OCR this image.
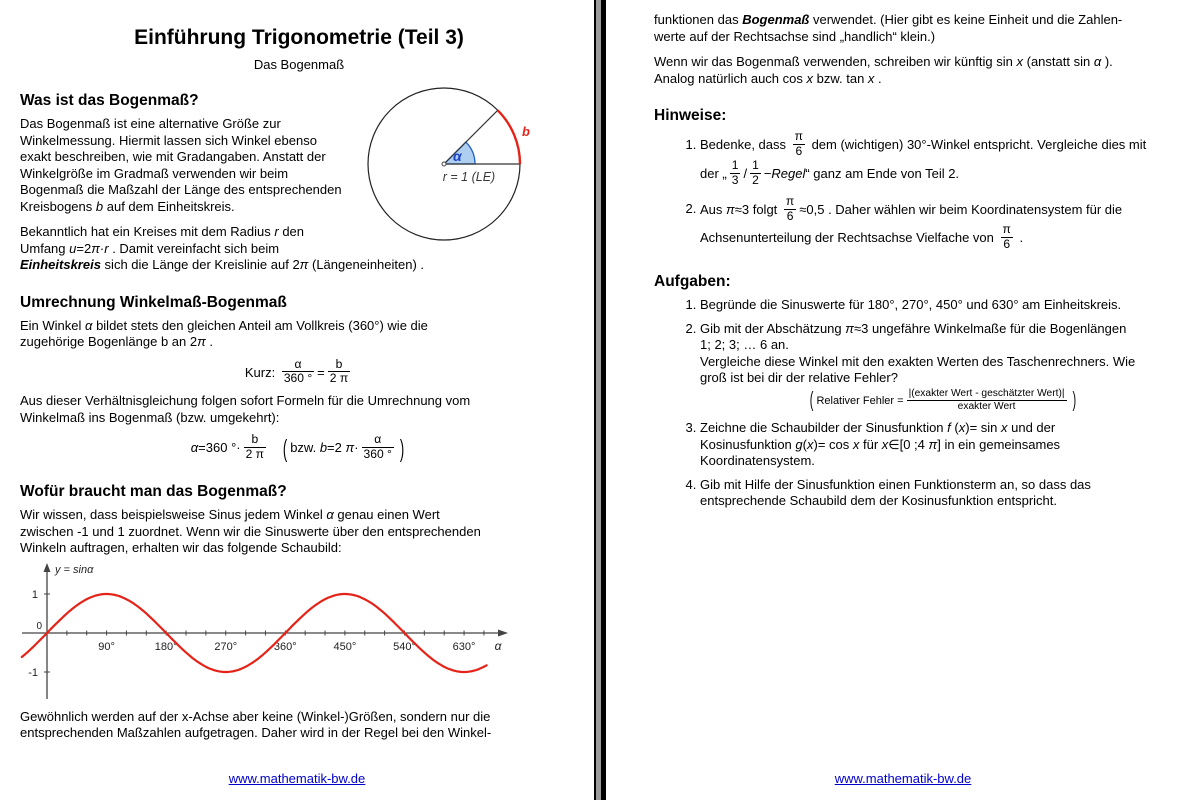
Einführung Trigonometrie (Teil 3)
Das Bogenmaß
Was ist das Bogenmaß?

Das Bogenmaß ist eine alternative Größe zur
Winkelmessung. Hiermit lassen sich Winkel ebenso
exakt beschreiben, wie mit Gradangaben. Anstatt der
Winkelgröße im Gradmaß verwenden wir beim
Bogenmaß die Maßzahl der Länge des entsprechenden
Kreisbogens b auf dem Einheitskreis.

Bekanntlich hat ein Kreises mit dem Radius r den
Umfang u=2π·r . Damit vereinfacht sich beim
Einheitskreis sich die Länge der Kreislinie auf 2π (Längeneinheiten) .

α
b
r = 1 (LE)
Umrechnung Winkelmaß-Bogenmaß

Ein Winkel α bildet stets den gleichen Anteil am Vollkreis (360°) wie die
zugehörige Bogenlänge b an 2π .

Kurz: $\frac{\alpha}{360 ^\circ} = \frac{b}{2 \pi}$

Aus dieser Verhältnisgleichung folgen sofort Formeln für die Umrechnung vom
Winkelmaß ins Bogenmaß (bzw. umgekehrt):

α=360 °· $\frac{b}{2 \pi}$ ( bzw. b=2 $\pi\cdot \frac{\alpha}{360 ^\circ}$ )
Wofür braucht man das Bogenmaß?

Wir wissen, dass beispielsweise Sinus jedem Winkel α genau einen Wert
zwischen -1 und 1 zuordnet. Wenn wir die Sinuswerte über den entsprechenden
Winkeln auftragen, erhalten wir das folgende Schaubild:

90°	180°	270°	360°	450°	540°	630°
1
0
-1
y = sinα
α

Gewöhnlich werden auf der x-Achse aber keine (Winkel-)Größen, sondern nur die
entsprechenden Maßzahlen aufgetragen. Daher wird in der Regel bei den Winkel-

www.mathematik-bw.de

funktionen das Bogenmaß verwendet. (Hier gibt es keine Einheit und die Zahlen-
werte auf der Rechtsachse sind „handlich“ klein.)

Wenn wir das Bogenmaß verwenden, schreiben wir künftig sin x (anstatt sin α ).
Analog natürlich auch cos x bzw. tan x .

Hinweise:
1. Bedenke, dass $\frac{\pi}{6}$ dem (wichtigen) 30°-Winkel entspricht. Vergleiche dies mit
der „ $\frac{1}{3} / \frac{1}{2}$ −Regel“ ganz am Ende von Teil 2.
2. Aus π≈3 folgt $\frac{\pi}{6} \approx 0,5$ . Daher wählen wir beim Koordinatensystem für die
Achsenunterteilung der Rechtsachse Vielfache von $\frac{\pi}{6}$ .
Aufgaben:
1. Begründe die Sinuswerte für 180°, 270°, 450° und 630° am Einheitskreis.
2. Gib mit der Abschätzung π≈3 ungefähre Winkelmaße für die Bogenlängen
1; 2; 3; … 6 an.
Vergleiche diese Winkel mit den exakten Werten des Taschenrechners. Wie
groß ist bei dir der relative Fehler?
( Relativer Fehler = $\frac{\text{|(exakter Wert - geschätzter Wert)|}}{\text{exakter Wert}}$ )
3. Zeichne die Schaubilder der Sinusfunktion f (x)= sin x und der
Kosinusfunktion g(x)= cos x für x∈[0 ;4 π] in ein gemeinsames
Koordinatensystem.
4. Gib mit Hilfe der Sinusfunktion einen Funktionsterm an, so dass das
entsprechende Schaubild dem der Kosinusfunktion entspricht.
www.mathematik-bw.de
